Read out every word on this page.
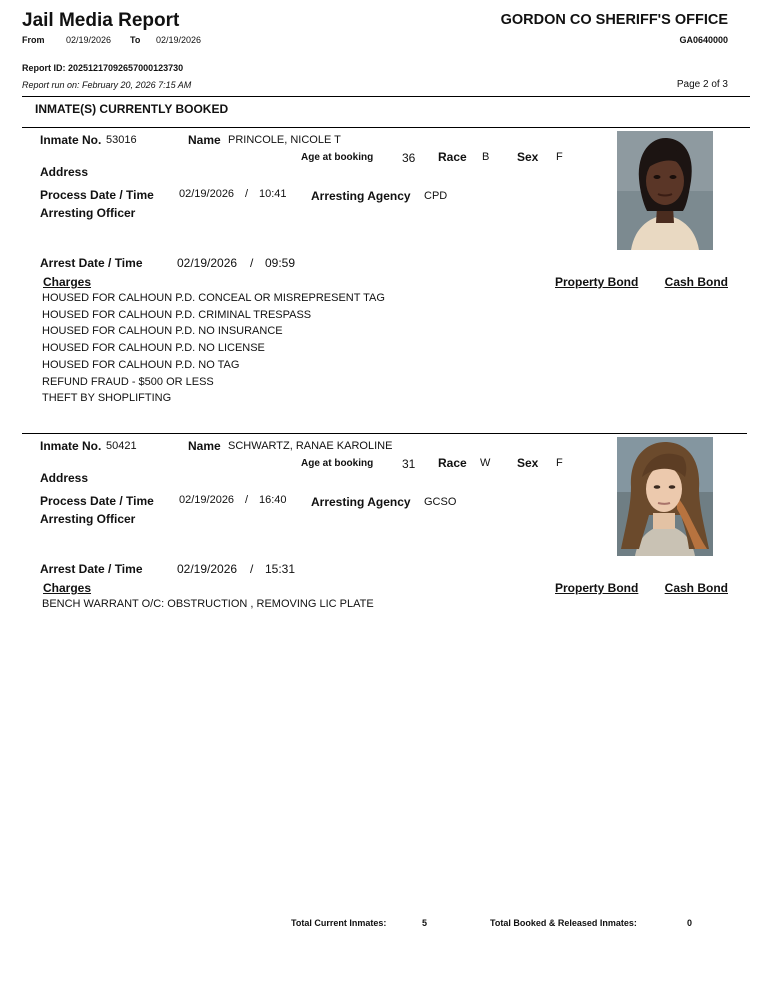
Jail Media Report
From 02/19/2026 To 02/19/2026
GORDON CO SHERIFF'S OFFICE
GA0640000
Report ID: 20251217092657000123730
Report run on: February 20, 2026 7:15 AM	Page 2 of 3
INMATE(S) CURRENTLY BOOKED
Inmate No. 53016	Name PRINCOLE, NICOLE T
Age at booking 36 Race B Sex F
Address
Process Date / Time 02/19/2026 / 10:41 Arresting Agency CPD
Arresting Officer
Arrest Date / Time	02/19/2026 / 09:59
Charges	Property Bond Cash Bond
HOUSED FOR CALHOUN P.D. CONCEAL OR MISREPRESENT TAG
HOUSED FOR CALHOUN P.D. CRIMINAL TRESPASS
HOUSED FOR CALHOUN P.D. NO INSURANCE
HOUSED FOR CALHOUN P.D. NO LICENSE
HOUSED FOR CALHOUN P.D. NO TAG
REFUND FRAUD - $500 OR LESS
THEFT BY SHOPLIFTING
Inmate No. 50421	Name SCHWARTZ, RANAE KAROLINE
Age at booking 31 Race W Sex F
Address
Process Date / Time 02/19/2026 / 16:40 Arresting Agency GCSO
Arresting Officer
Arrest Date / Time	02/19/2026 / 15:31
Charges	Property Bond Cash Bond
BENCH WARRANT O/C: OBSTRUCTION , REMOVING LIC PLATE
Total Current Inmates:	5	Total Booked & Released Inmates:	0
